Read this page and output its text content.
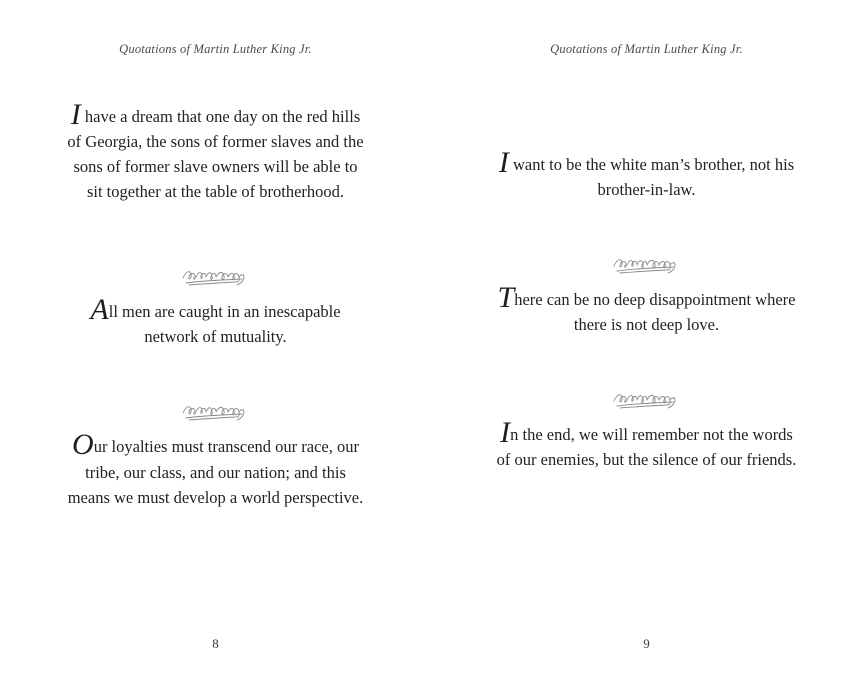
Quotations of Martin Luther King Jr.
I have a dream that one day on the red hills of Georgia, the sons of former slaves and the sons of former slave owners will be able to sit together at the table of brotherhood.
All men are caught in an inescapable network of mutuality.
Our loyalties must transcend our race, our tribe, our class, and our nation; and this means we must develop a world perspective.
8
Quotations of Martin Luther King Jr.
I want to be the white man’s brother, not his brother-in-law.
There can be no deep disappointment where there is not deep love.
In the end, we will remember not the words of our enemies, but the silence of our friends.
9
